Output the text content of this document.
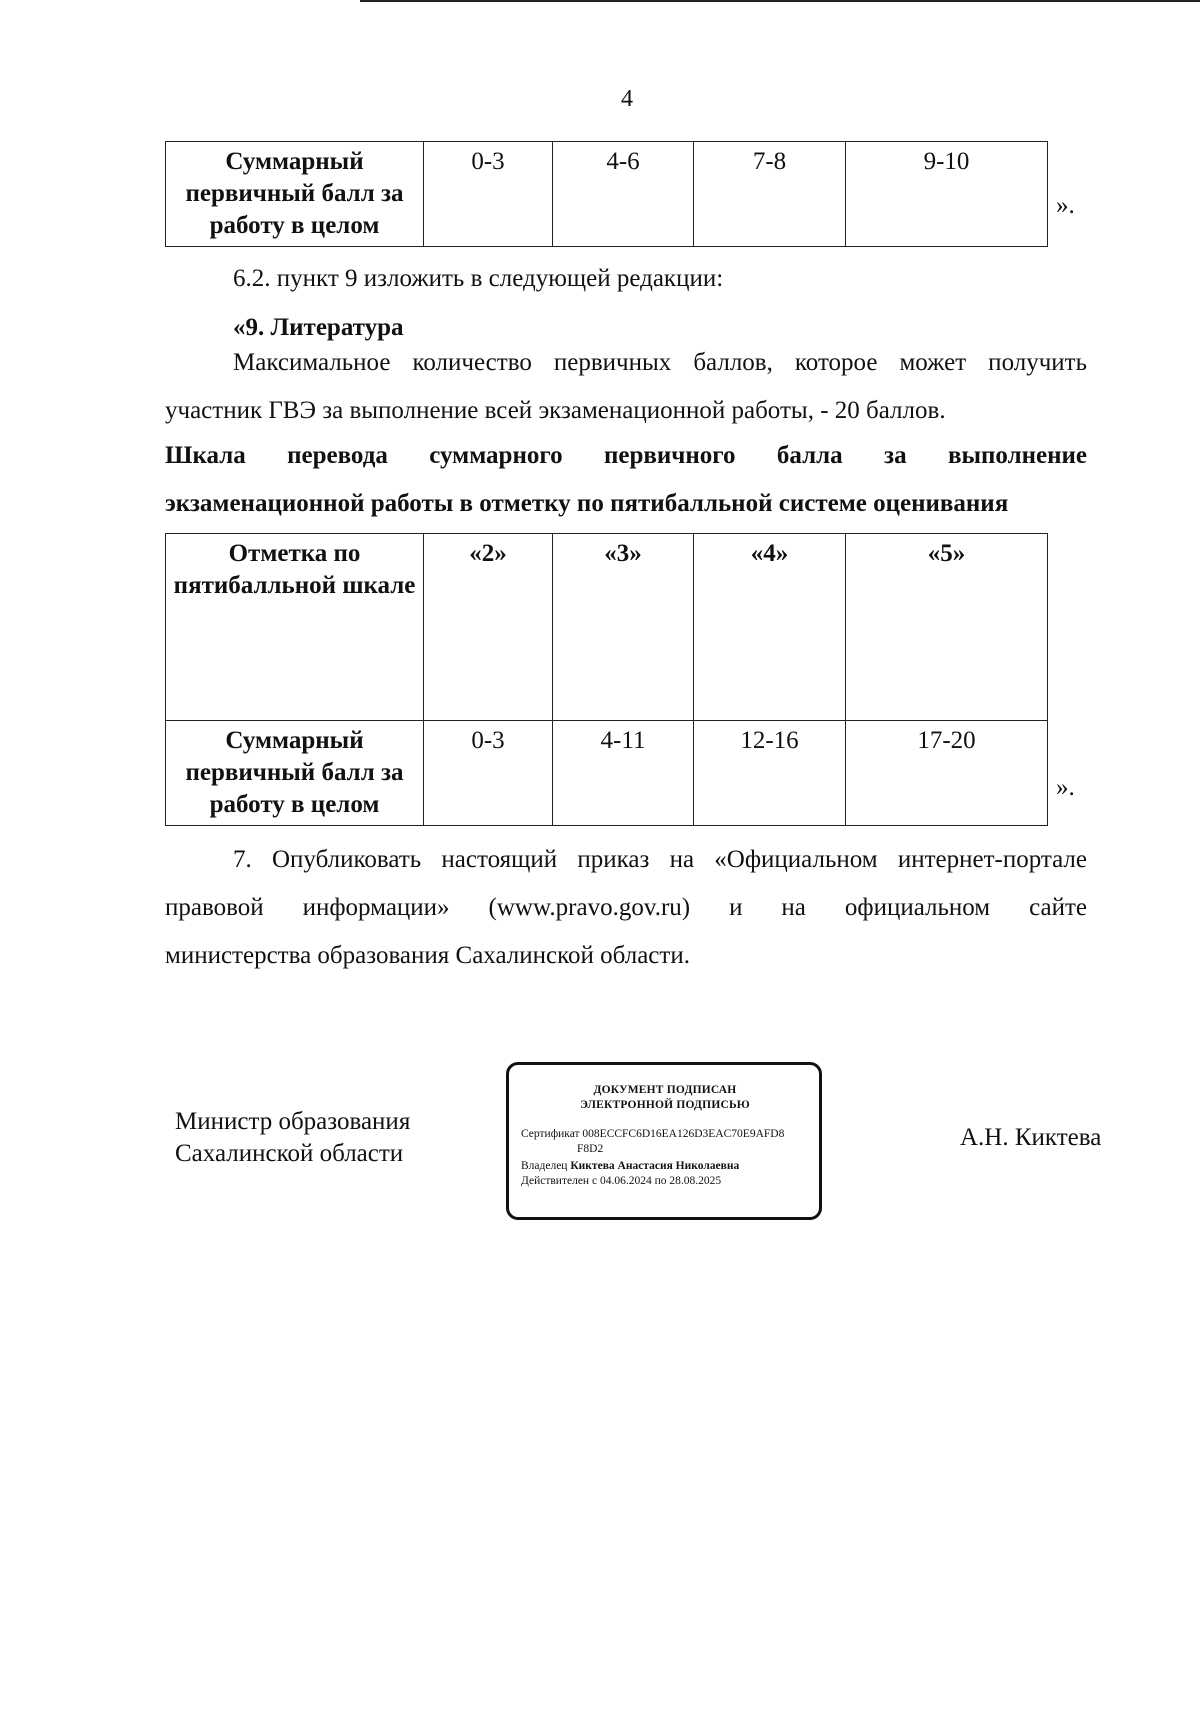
4
Суммарный первичный балл за работу в целом	0-3	4-6	7-8	9-10
».
6.2. пункт 9 изложить в следующей редакции:
«9. Литература
Максимальное количество первичных баллов, которое может получить
участник ГВЭ за выполнение всей экзаменационной работы, - 20 баллов.
Шкала перевода суммарного первичного балла за выполнение
экзаменационной работы в отметку по пятибалльной системе оценивания
Отметка по пятибалльной шкале	«2»	«3»	«4»	«5»
Суммарный первичный балл за работу в целом	0-3	4-11	12-16	17-20
».
7. Опубликовать настоящий приказ на «Официальном интернет-портале
правовой информации» (www.pravo.gov.ru) и на официальном сайте
министерства образования Сахалинской области.
Министр образования
Сахалинской области
ДОКУМЕНТ ПОДПИСАН
ЭЛЕКТРОННОЙ ПОДПИСЬЮ
Сертификат 008ECCFC6D16EA126D3EAC70E9AFD8
F8D2
Владелец Киктева Анастасия Николаевна
Действителен с 04.06.2024 по 28.08.2025
А.Н. Киктева
